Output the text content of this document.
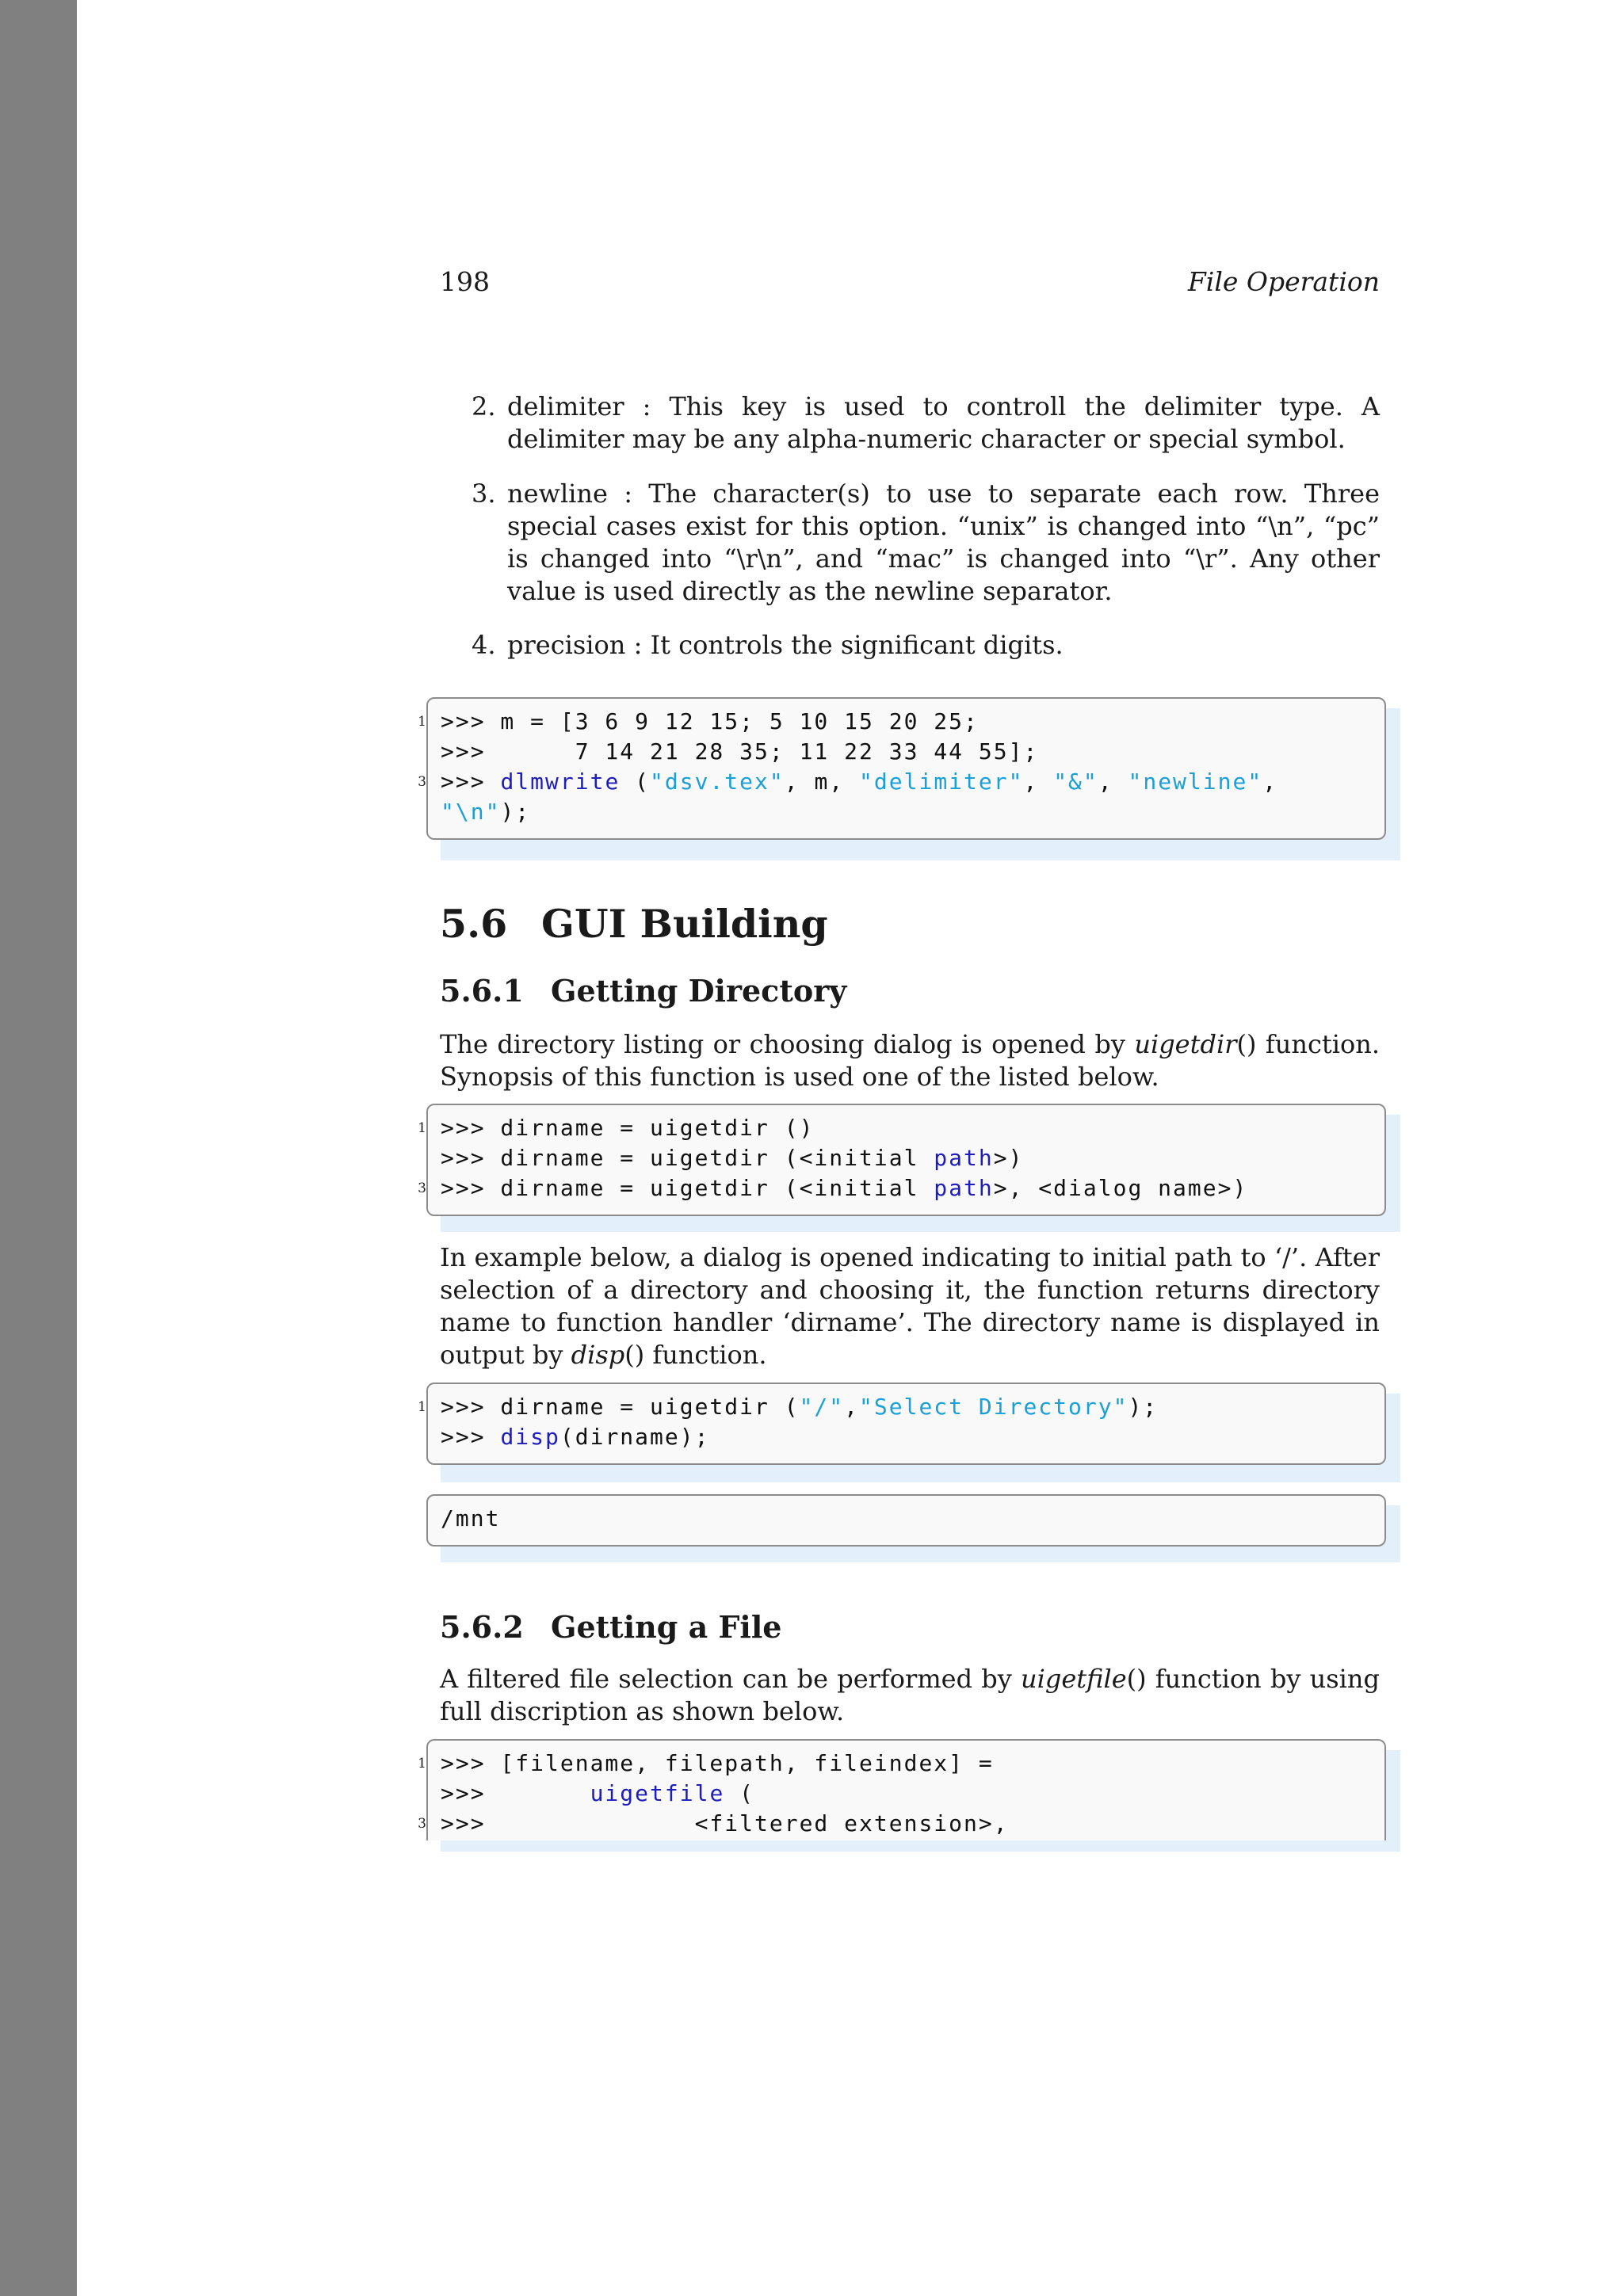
198	File Operation
2. delimiter : This key is used to controll the delimiter type. A delimiter may be any alpha-numeric character or special symbol.
3. newline : The character(s) to use to separate each row. Three special cases exist for this option. “unix” is changed into “\n”, “pc” is changed into “\r\n”, and “mac” is changed into “\r”. Any other value is used directly as the newline separator.
4. precision : It controls the significant digits.
1 >>> m = [3 6 9 12 15; 5 10 15 20 25;
>>>      7 14 21 28 35; 11 22 33 44 55];
3 >>> dlmwrite ("dsv.tex", m, "delimiter", "&", "newline",
"\n");
5.6 GUI Building
5.6.1 Getting Directory
The directory listing or choosing dialog is opened by uigetdir() function. Synopsis of this function is used one of the listed below.
1 >>> dirname = uigetdir ()
>>> dirname = uigetdir (<initial path>)
3 >>> dirname = uigetdir (<initial path>, <dialog name>)
In example below, a dialog is opened indicating to initial path to ‘/’. After selection of a directory and choosing it, the function returns directory name to function handler ‘dirname’. The directory name is displayed in output by disp() function.
1 >>> dirname = uigetdir ("/","Select Directory");
>>> disp(dirname);
/mnt
5.6.2 Getting a File
A filtered file selection can be performed by uigetfile() function by using full discription as shown below.
1 >>> [filename, filepath, fileindex] =
>>>       uigetfile (
3 >>>              <filtered extension>,
